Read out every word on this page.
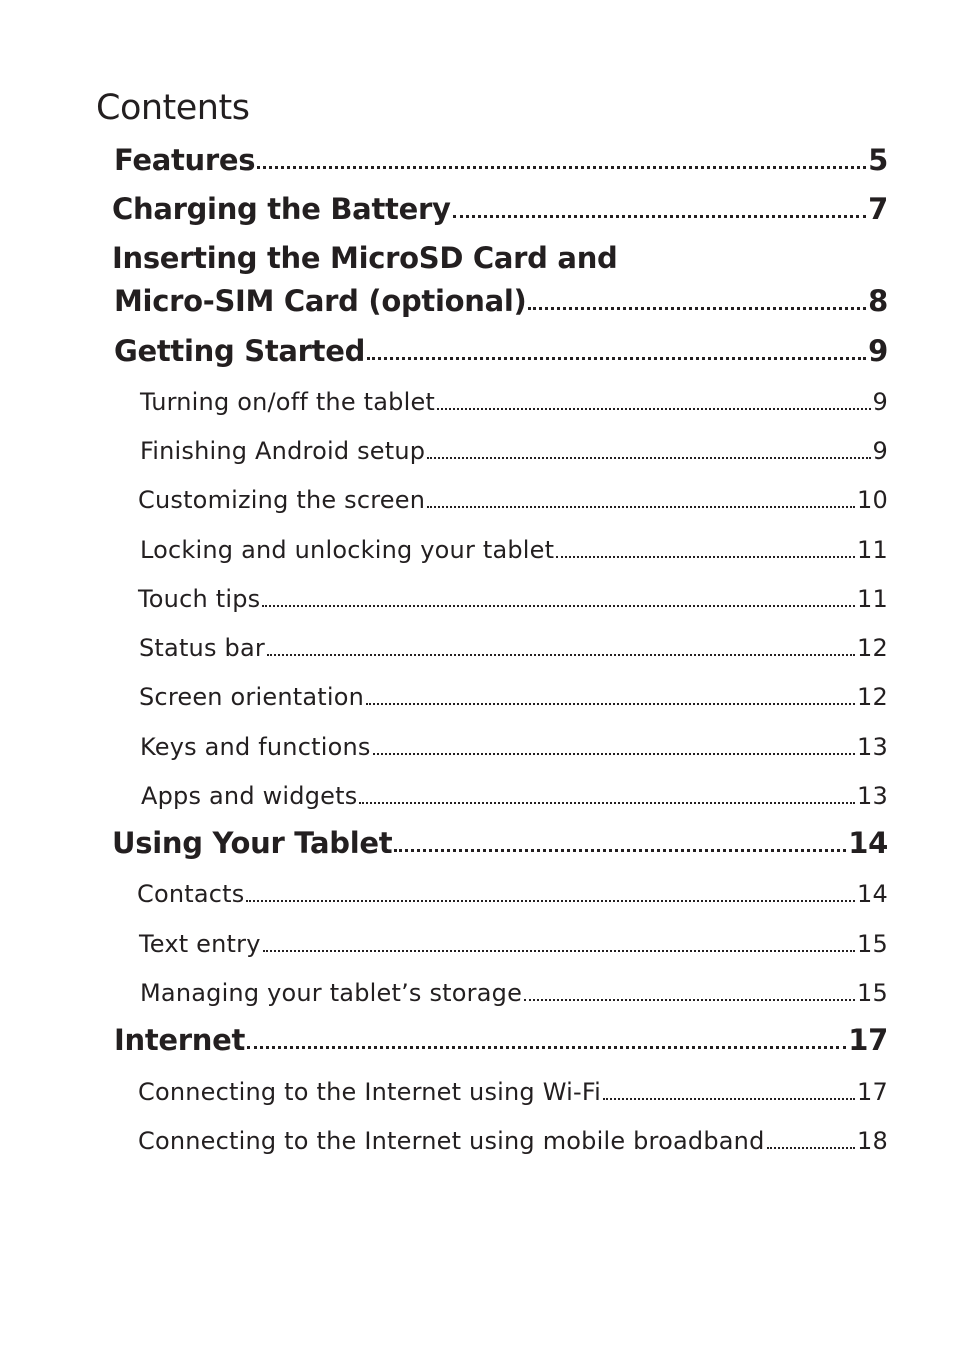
Contents
Features	5
Charging the Battery	7
Inserting the MicroSD Card and
Micro-SIM Card (optional)	8
Getting Started	9
Turning on/off the tablet	9
Finishing Android setup	9
Customizing the screen	10
Locking and unlocking your tablet	11
Touch tips	11
Status bar	12
Screen orientation	12
Keys and functions	13
Apps and widgets	13
Using Your Tablet	14
Contacts	14
Text entry	15
Managing your tablet’s storage	15
Internet	17
Connecting to the Internet using Wi-Fi	17
Connecting to the Internet using mobile broadband	18
